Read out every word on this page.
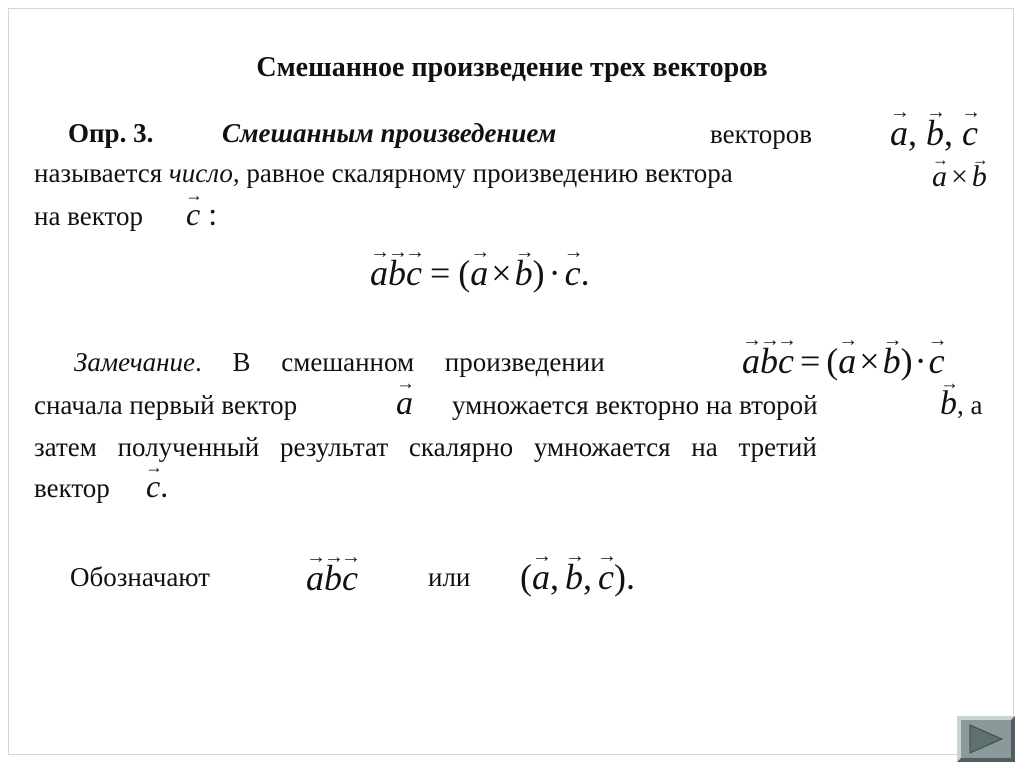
Смешанное произведение трех векторов
Опр. 3.	Смешанным произведением	векторов → a, → b, → c
называется число, равное скалярному произведению вектора	→ a × → b
на вектор → c :
→ a→ b→ c = (→ a×→ b) · → c.
Замечание. В смешанном произведении	→ a→ b→ c = (→ a×→ b)·→ c
сначала первый вектор	→ a умножается векторно на второй	→ b , а
затем полученный результат скалярно умножается на третий
вектор → c.
Обозначают	→ a→ b→ c	или (→ a, → b, → c).
